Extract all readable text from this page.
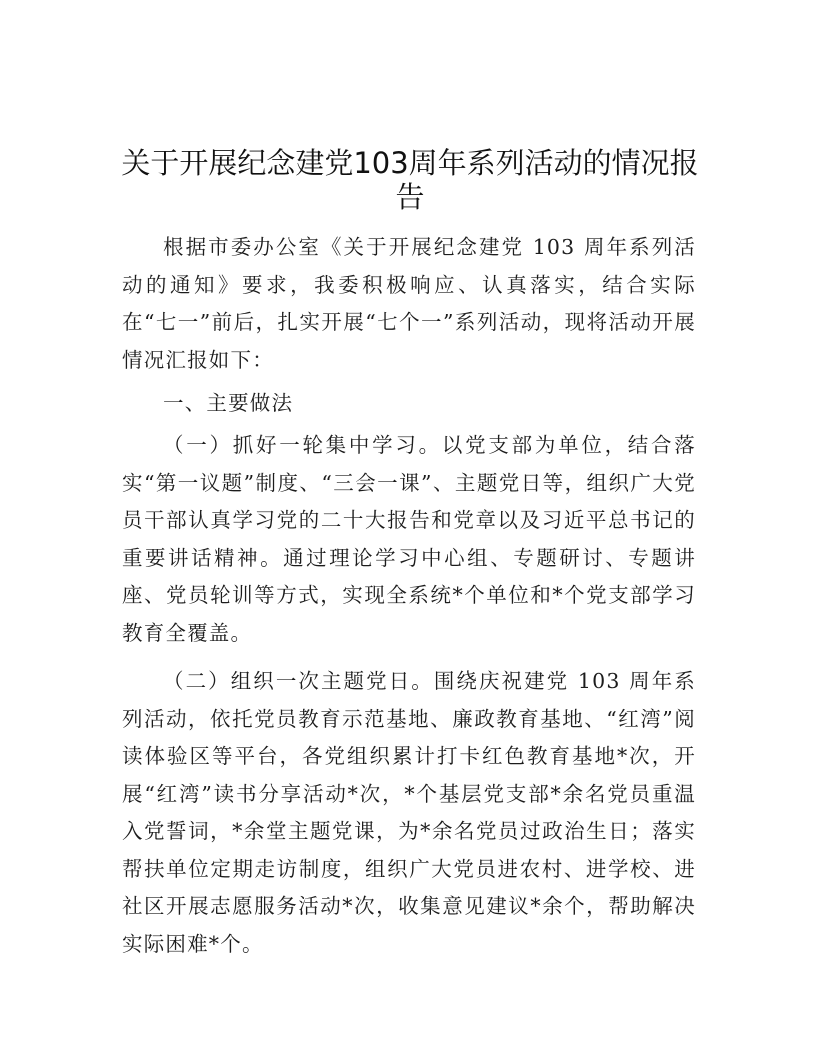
关于开展纪念建党103周年系列活动的情况报告

根据市委办公室《关于开展纪念建党 103 周年系列活动的通知》要求，我委积极响应、认真落实，结合实际在“七一”前后，扎实开展“七个一”系列活动，现将活动开展情况汇报如下：

一、主要做法

（一）抓好一轮集中学习。以党支部为单位，结合落实“第一议题”制度、“三会一课”、主题党日等，组织广大党员干部认真学习党的二十大报告和党章以及习近平总书记的重要讲话精神。通过理论学习中心组、专题研讨、专题讲座、党员轮训等方式，实现全系统*个单位和*个党支部学习教育全覆盖。

（二）组织一次主题党日。围绕庆祝建党 103 周年系列活动，依托党员教育示范基地、廉政教育基地、“红湾”阅读体验区等平台，各党组织累计打卡红色教育基地*次，开展“红湾”读书分享活动*次，*个基层党支部*余名党员重温入党誓词，*余堂主题党课，为*余名党员过政治生日；落实帮扶单位定期走访制度，组织广大党员进农村、进学校、进社区开展志愿服务活动*次，收集意见建议*余个，帮助解决实际困难*个。
